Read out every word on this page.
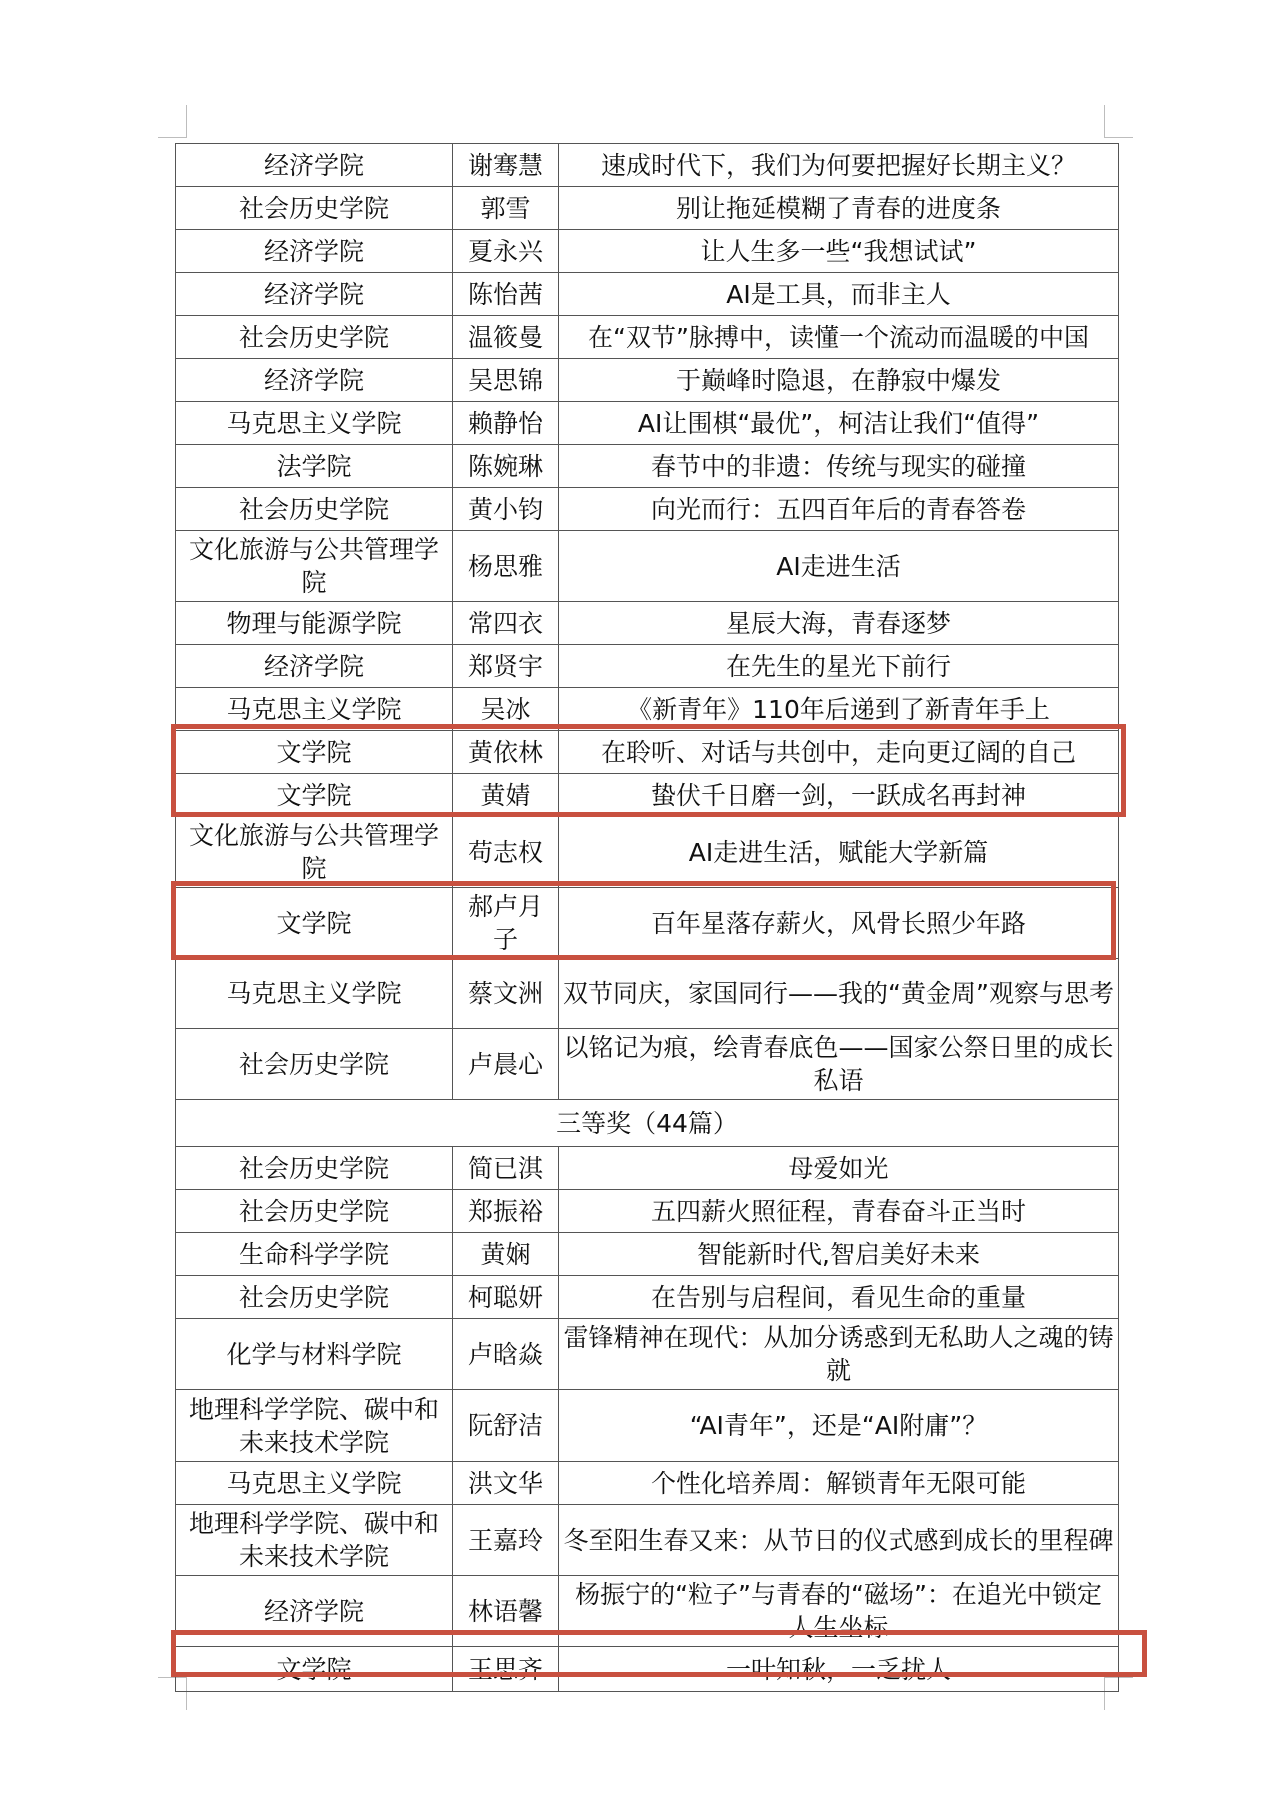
经济学院	谢骞慧	速成时代下，我们为何要把握好长期主义？
社会历史学院	郭雪	别让拖延模糊了青春的进度条
经济学院	夏永兴	让人生多一些“我想试试”
经济学院	陈怡茜	AI是工具，而非主人
社会历史学院	温筱曼	在“双节”脉搏中，读懂一个流动而温暖的中国
经济学院	吴思锦	于巅峰时隐退，在静寂中爆发
马克思主义学院	赖静怡	AI让围棋“最优”，柯洁让我们“值得”
法学院	陈婉琳	春节中的非遗：传统与现实的碰撞
社会历史学院	黄小钧	向光而行：五四百年后的青春答卷
文化旅游与公共管理学院	杨思雅	AI走进生活
物理与能源学院	常四衣	星辰大海，青春逐梦
经济学院	郑贤宇	在先生的星光下前行
马克思主义学院	吴冰	《新青年》110年后递到了新青年手上
文学院	黄依林	在聆听、对话与共创中，走向更辽阔的自己
文学院	黄婧	蛰伏千日磨一剑，一跃成名再封神
文化旅游与公共管理学院	苟志权	AI走进生活，赋能大学新篇
文学院	郝卢月子	百年星落存薪火，风骨长照少年路
马克思主义学院	蔡文洲	双节同庆，家国同行——我的“黄金周”观察与思考
社会历史学院	卢晨心	以铭记为痕，绘青春底色——国家公祭日里的成长私语
三等奖（44篇）		
社会历史学院	简已淇	母爱如光
社会历史学院	郑振裕	五四薪火照征程，青春奋斗正当时
生命科学学院	黄娴	智能新时代,智启美好未来
社会历史学院	柯聪妍	在告别与启程间，看见生命的重量
化学与材料学院	卢晗焱	雷锋精神在现代：从加分诱惑到无私助人之魂的铸就
地理科学学院、碳中和未来技术学院	阮舒洁	“AI青年”，还是“AI附庸”？
马克思主义学院	洪文华	个性化培养周：解锁青年无限可能
地理科学学院、碳中和未来技术学院	王嘉玲	冬至阳生春又来：从节日的仪式感到成长的里程碑
经济学院	林语馨	杨振宁的“粒子”与青春的“磁场”：在追光中锁定人生坐标
文学院	王思齐	一叶知秋，一乏扰人
